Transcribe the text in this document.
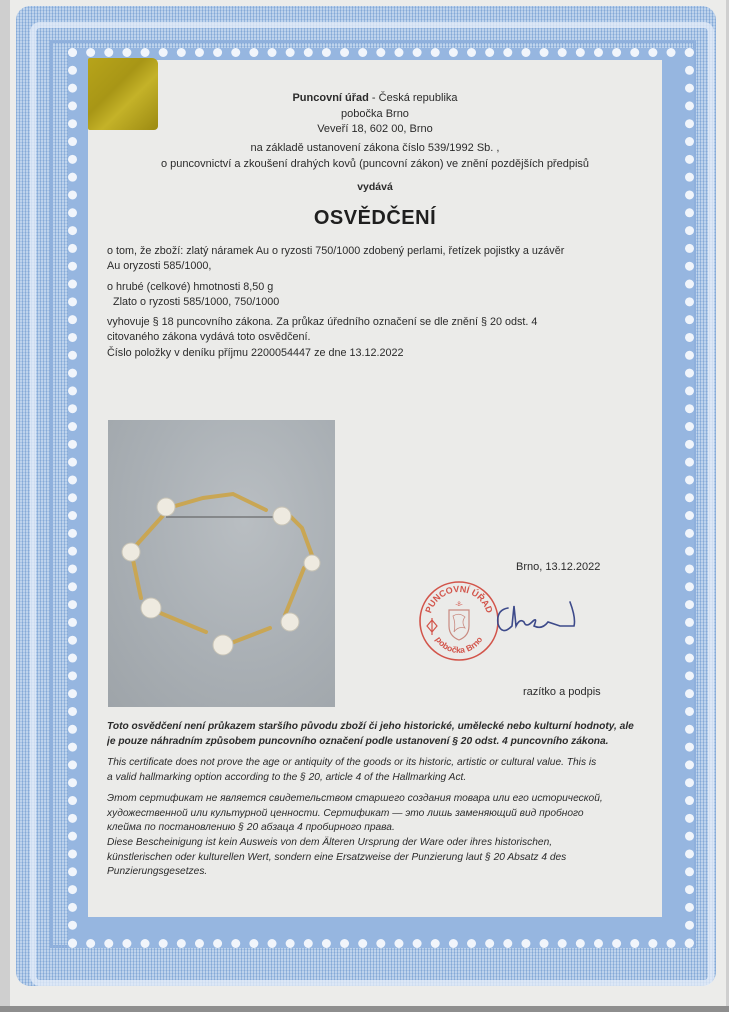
Puncovní úřad - Česká republika
pobočka Brno
Veveří 18, 602 00, Brno
na základě ustanovení zákona číslo 539/1992 Sb. ,
o puncovnictví a zkoušení drahých kovů (puncovní zákon) ve znění pozdějších předpisů
vydává
OSVĚDČENÍ
o tom, že zboží: zlatý náramek Au o ryzosti 750/1000 zdobený perlami, řetízek pojistky a uzávěr
Au oryzosti 585/1000,
o hrubé (celkové) hmotnosti 8,50 g
Zlato o ryzosti 585/1000, 750/1000
vyhovuje § 18 puncovního zákona. Za průkaz úředního označení se dle znění § 20 odst. 4
citovaného zákona vydává toto osvědčení.
Číslo položky v deníku příjmu 2200054447 ze dne 13.12.2022
Brno, 13.12.2022
PUNCOVNÍ ÚŘAD
-8-
pobočka Brno
razítko a podpis
Toto osvědčení není průkazem staršího původu zboží či jeho historické, umělecké nebo kulturní hodnoty, ale
je pouze náhradním způsobem puncovního označení podle ustanovení § 20 odst. 4 puncovního zákona.
This certificate does not prove the age or antiquity of the goods or its historic, artistic or cultural value. This is
a valid hallmarking option according to the § 20, article 4 of the Hallmarking Act.
Этот сертификат не является свидетельством старшего создания товара или его исторической,
художественной или культурной ценности. Сертификат — это лишь заменяющий вид пробного
клейма по постановлению § 20 абзаца 4 пробирного права.
Diese Bescheinigung ist kein Ausweis von dem Älteren Ursprung der Ware oder ihres historischen,
künstlerischen oder kulturellen Wert, sondern eine Ersatzweise der Punzierung laut § 20 Absatz 4 des
Punzierungsgesetzes.
